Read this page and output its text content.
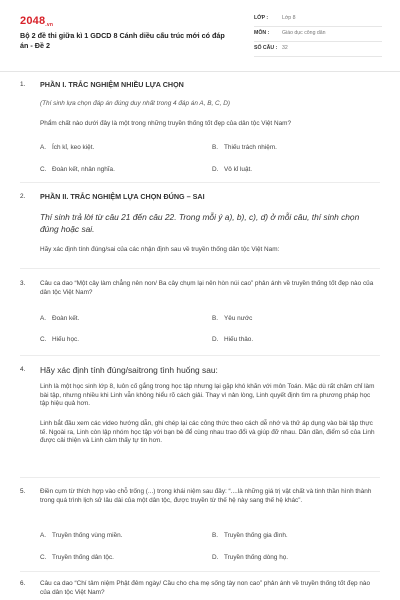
2048.vn
Bộ 2 đề thi giữa kì 1 GDCD 8 Cánh diều cấu trúc mới có đáp án - Đề 2
LỚP :	Lớp 8
MÔN :	Giáo dục công dân
SỐ CÂU : 32
1. PHẦN I. TRẮC NGHIỆM NHIỀU LỰA CHỌN
(Thí sinh lựa chọn đáp án đúng duy nhất trong 4 đáp án A, B, C, D)
Phẩm chất nào dưới đây là một trong những truyền thống tốt đẹp của dân tộc Việt Nam?
A. Ích kỉ, keo kiệt.	B. Thiếu trách nhiệm.
C. Đoàn kết, nhân nghĩa.	D. Vô kỉ luật.
2. PHẦN II. TRẮC NGHIỆM LỰA CHỌN ĐÚNG – SAI
Thí sinh trả lời từ câu 21 đến câu 22. Trong mỗi ý a), b), c), d) ở mỗi câu, thí sinh chọn đúng hoặc sai.
Hãy xác định tính đúng/sai của các nhận định sau về truyền thống dân tộc Việt Nam:
3. Câu ca dao “Một cây làm chẳng nên non/ Ba cây chụm lại nên hòn núi cao” phản ánh về truyền thống tốt đẹp nào của dân tộc Việt Nam?
A. Đoàn kết.	B. Yêu nước
C. Hiếu học.	D. Hiếu thảo.
4. Hãy xác định tính đúng/saitrong tình huống sau:
Linh là một học sinh lớp 8, luôn cố gắng trong học tập nhưng lại gặp khó khăn với môn Toán. Mặc dù rất chăm chỉ làm bài tập, nhưng nhiều khi Linh vẫn không hiểu rõ cách giải. Thay vì nản lòng, Linh quyết định tìm ra phương pháp học tập hiệu quả hơn.
Linh bắt đầu xem các video hướng dẫn, ghi chép lại các công thức theo cách dễ nhớ và thử áp dụng vào bài tập thực tế. Ngoài ra, Linh còn lập nhóm học tập với bạn bè để cùng nhau trao đổi và giúp đỡ nhau. Dần dần, điểm số của Linh được cải thiện và Linh cảm thấy tự tin hơn.
5. Điền cụm từ thích hợp vào chỗ trống (...) trong khái niệm sau đây: “....là những giá trị vật chất và tinh thần hình thành trong quá trình lịch sử lâu dài của một dân tộc, được truyền từ thế hệ này sang thế hệ khác”.
A. Truyền thống vùng miền.	B. Truyền thống gia đình.
C. Truyền thống dân tộc.	D. Truyền thống dòng họ.
6. Câu ca dao “Chí tâm niệm Phật đêm ngày/ Cầu cho cha mẹ sống tày non cao” phản ánh về truyền thống tốt đẹp nào của dân tộc Việt Nam?
